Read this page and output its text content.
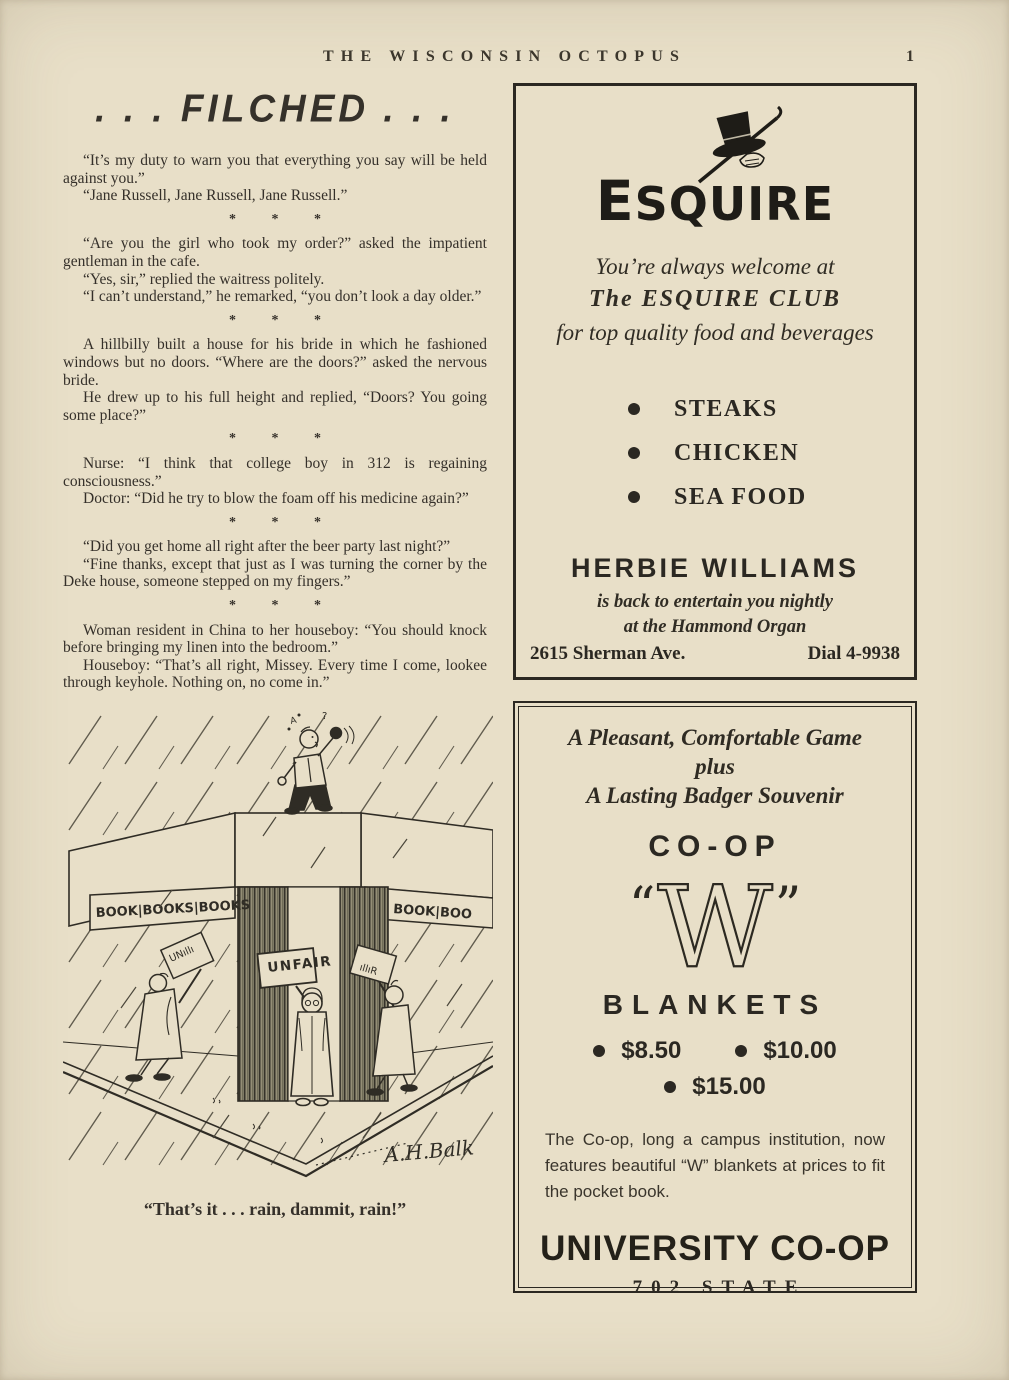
THE WISCONSIN OCTOPUS	1
. . . FILCHED . . .

“It’s my duty to warn you that everything you say will be held against you.”

“Jane Russell, Jane Russell, Jane Russell.”

* * *

“Are you the girl who took my order?” asked the impatient gentleman in the cafe.

“Yes, sir,” replied the waitress politely.

“I can’t understand,” he remarked, “you don’t look a day older.”

* * *

A hillbilly built a house for his bride in which he fashioned windows but no doors. “Where are the doors?” asked the nervous bride.

He drew up to his full height and replied, “Doors? You going some place?”

* * *

Nurse: “I think that college boy in 312 is regaining consciousness.”

Doctor: “Did he try to blow the foam off his medicine again?”

* * *

“Did you get home all right after the beer party last night?”

“Fine thanks, except that just as I was turning the corner by the Deke house, someone stepped on my fingers.”

* * *

Woman resident in China to her houseboy: “You should knock before bringing my linen into the bedroom.”

Houseboy: “That’s all right, Missey. Every time I come, lookee through keyhole. Nothing on, no come in.”

BOOK|BOOKS|BOOKS	BOOK|BOO
A ?
UNıllı	UNFAIR	ıllıR
A.H.Balk
“That’s it . . . rain, dammit, rain!”
ESQUIRE
You’re always welcome at
The ESQUIRE CLUB
for top quality food and beverages
STEAKS
CHICKEN
SEA FOOD
HERBIE WILLIAMS
is back to entertain you nightly
at the Hammond Organ
2615 Sherman Ave.	Dial 4-9938
A Pleasant, Comfortable Game
plus
A Lasting Badger Souvenir
CO-OP
“ W ”
BLANKETS
$8.50	$10.00
$15.00
The Co-op, long a campus institution, now features beautiful “W” blankets at prices to fit the pocket book.
UNIVERSITY CO-OP
702 STATE
